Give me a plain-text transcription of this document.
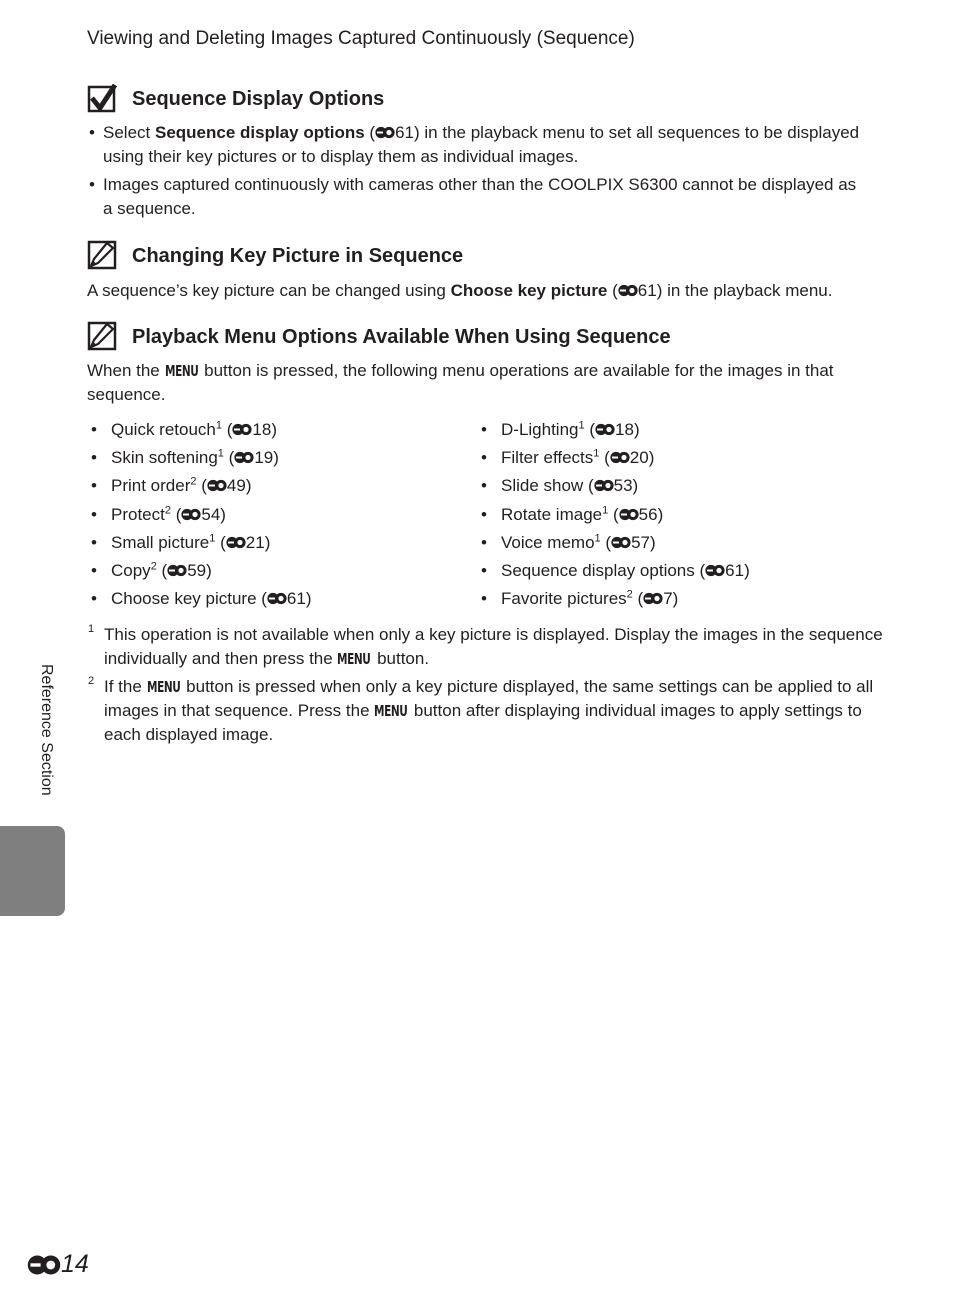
Viewing and Deleting Images Captured Continuously (Sequence)
Sequence Display Options
• Select Sequence display options ( 61) in the playback menu to set all sequences to be displayed using their key pictures or to display them as individual images.
• Images captured continuously with cameras other than the COOLPIX S6300 cannot be displayed as a sequence.
Changing Key Picture in Sequence
A sequence’s key picture can be changed using Choose key picture ( 61) in the playback menu.
Playback Menu Options Available When Using Sequence
When the MENU button is pressed, the following menu operations are available for the images in that sequence.
• Quick retouch$^1$ ( 18)
• Skin softening$^1$ ( 19)
• Print order$^2$ ( 49)
• Protect$^2$ ( 54)
• Small picture$^1$ ( 21)
• Copy$^2$ ( 59)
• Choose key picture ( 61)
• D-Lighting$^1$ ( 18)
• Filter effects$^1$ ( 20)
• Slide show ( 53)
• Rotate image$^1$ ( 56)
• Voice memo$^1$ ( 57)
• Sequence display options ( 61)
• Favorite pictures$^2$ ( 7)
1 This operation is not available when only a key picture is displayed. Display the images in the sequence individually and then press the MENU button.
2 If the MENU button is pressed when only a key picture displayed, the same settings can be applied to all images in that sequence. Press the MENU button after displaying individual images to apply settings to each displayed image.
Reference Section
14
